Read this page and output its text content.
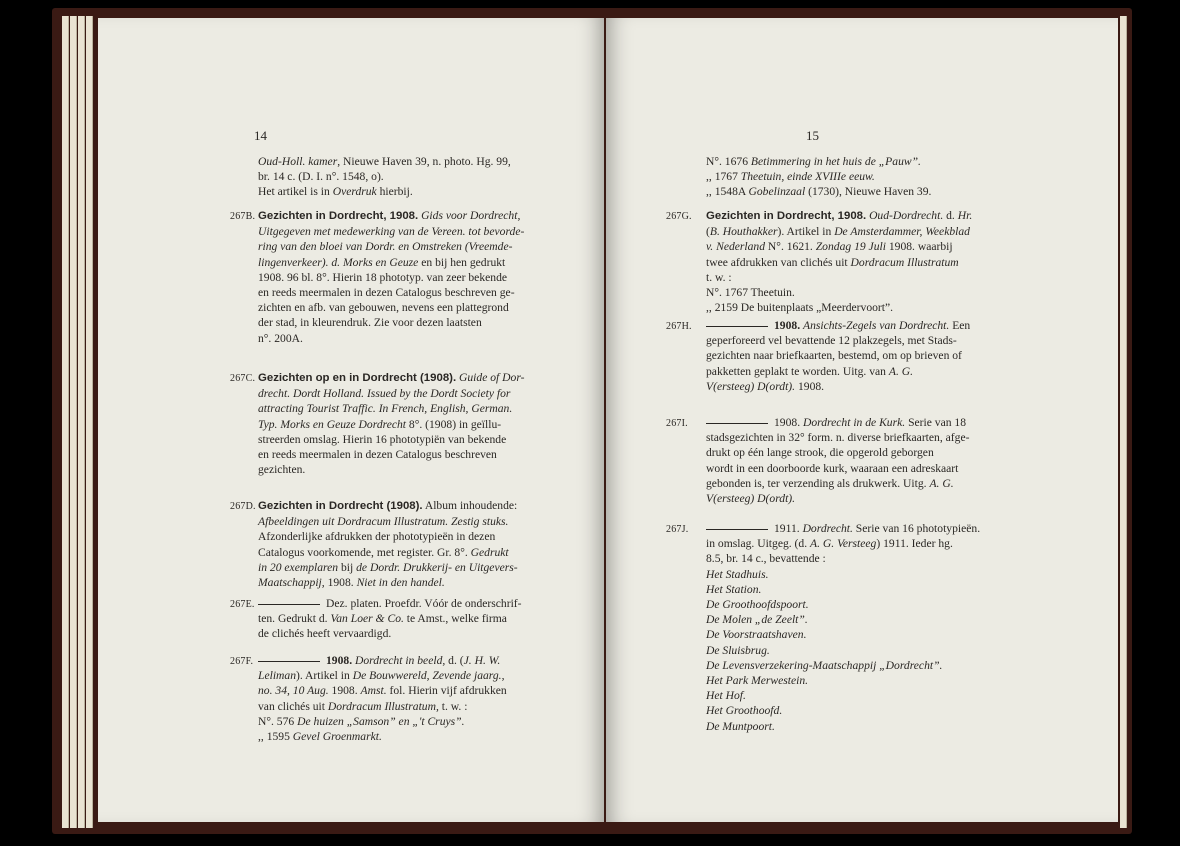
14
Oud-Holl. kamer, Nieuwe Haven 39, n. photo. Hg. 99,
br. 14 c. (D. I. n°. 1548, o).
Het artikel is in Overdruk hierbij.
267B. Gezichten in Dordrecht, 1908. Gids voor Dordrecht,
Uitgegeven met medewerking van de Vereen. tot bevorde-
ring van den bloei van Dordr. en Omstreken (Vreemde-
lingenverkeer). d. Morks en Geuze en bij hen gedrukt
1908. 96 bl. 8°. Hierin 18 phototyp. van zeer bekende
en reeds meermalen in dezen Catalogus beschreven ge-
zichten en afb. van gebouwen, nevens een plattegrond
der stad, in kleurendruk. Zie voor dezen laatsten
n°. 200A.
267C. Gezichten op en in Dordrecht (1908). Guide of Dor-
drecht. Dordt Holland. Issued by the Dordt Society for
attracting Tourist Traffic. In French, English, German.
Typ. Morks en Geuze Dordrecht 8°. (1908) in geïllu-
streerden omslag. Hierin 16 phototypiën van bekende
en reeds meermalen in dezen Catalogus beschreven
gezichten.
267D. Gezichten in Dordrecht (1908). Album inhoudende:
Afbeeldingen uit Dordracum Illustratum. Zestig stuks.
Afzonderlijke afdrukken der phototypieën in dezen
Catalogus voorkomende, met register. Gr. 8°. Gedrukt
in 20 exemplaren bij de Dordr. Drukkerij- en Uitgevers-
Maatschappij, 1908. Niet in den handel.
267E.	Dez. platen. Proefdr. Vóór de onderschrif-
ten. Gedrukt d. Van Loer & Co. te Amst., welke firma
de clichés heeft vervaardigd.
267F.	1908. Dordrecht in beeld, d. (J. H. W.
Leliman). Artikel in De Bouwwereld, Zevende jaarg.,
no. 34, 10 Aug. 1908. Amst. fol. Hierin vijf afdrukken
van clichés uit Dordracum Illustratum, t. w. :
N°. 576 De huizen „Samson” en „'t Cruys”.
,, 1595 Gevel Groenmarkt.
15
N°. 1676 Betimmering in het huis de „Pauw”.
,, 1767 Theetuin, einde XVIIIe eeuw.
,, 1548A Gobelinzaal (1730), Nieuwe Haven 39.
267G. Gezichten in Dordrecht, 1908. Oud-Dordrecht. d. Hr.
(B. Houthakker). Artikel in De Amsterdammer, Weekblad
v. Nederland N°. 1621. Zondag 19 Juli 1908. waarbij
twee afdrukken van clichés uit Dordracum Illustratum
t. w. :
N°. 1767 Theetuin.
,, 2159 De buitenplaats „Meerdervoort”.
267H.	1908. Ansichts-Zegels van Dordrecht. Een
geperforeerd vel bevattende 12 plakzegels, met Stads-
gezichten naar briefkaarten, bestemd, om op brieven of
pakketten geplakt te worden. Uitg. van A. G.
V(ersteeg) D(ordt). 1908.
267I.	1908. Dordrecht in de Kurk. Serie van 18
stadsgezichten in 32° form. n. diverse briefkaarten, afge-
drukt op één lange strook, die opgerold geborgen
wordt in een doorboorde kurk, waaraan een adreskaart
gebonden is, ter verzending als drukwerk. Uitg. A. G.
V(ersteeg) D(ordt).
267J.	1911. Dordrecht. Serie van 16 phototypieën.
in omslag. Uitgeg. (d. A. G. Versteeg) 1911. Ieder hg.
8.5, br. 14 c., bevattende :
Het Stadhuis.
Het Station.
De Groothoofdspoort.
De Molen „de Zeelt”.
De Voorstraatshaven.
De Sluisbrug.
De Levensverzekering-Maatschappij „Dordrecht”.
Het Park Merwestein.
Het Hof.
Het Groothoofd.
De Muntpoort.
